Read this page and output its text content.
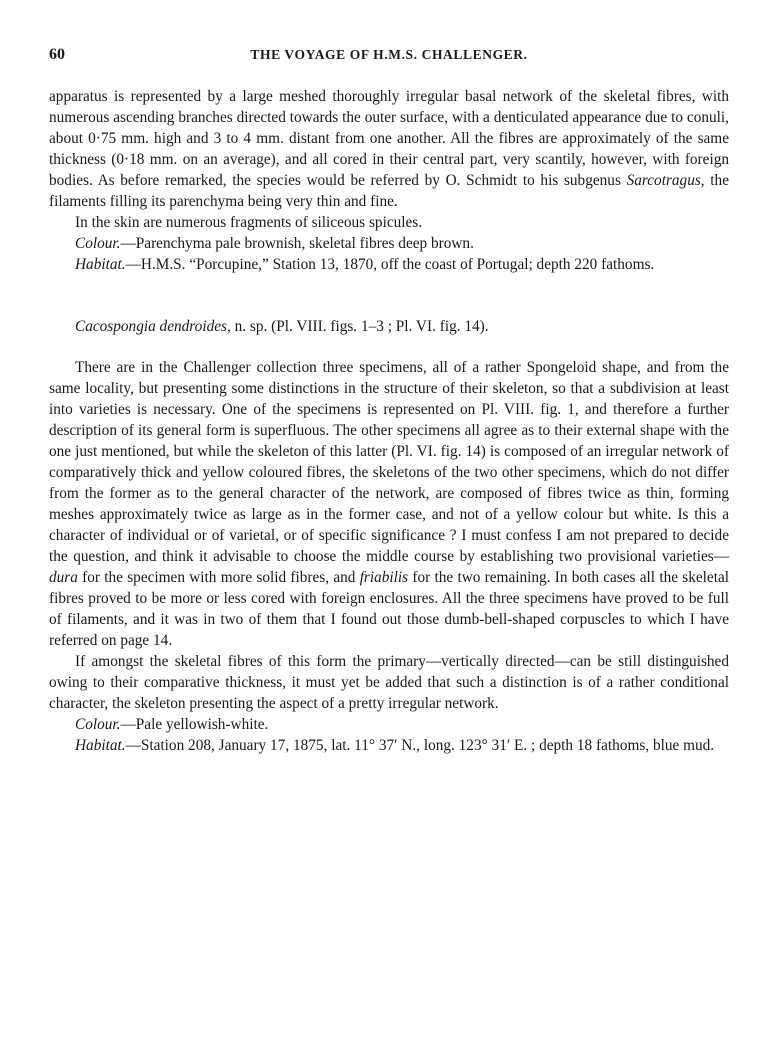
60	THE VOYAGE OF H.M.S. CHALLENGER.

apparatus is represented by a large meshed thoroughly irregular basal network of the skeletal fibres, with numerous ascending branches directed towards the outer surface, with a denticulated appearance due to conuli, about 0·75 mm. high and 3 to 4 mm. distant from one another. All the fibres are approximately of the same thickness (0·18 mm. on an average), and all cored in their central part, very scantily, however, with foreign bodies. As before remarked, the species would be referred by O. Schmidt to his subgenus Sarcotragus, the filaments filling its parenchyma being very thin and fine.

In the skin are numerous fragments of siliceous spicules.

Colour.—Parenchyma pale brownish, skeletal fibres deep brown.

Habitat.—H.M.S. “Porcupine,” Station 13, 1870, off the coast of Portugal; depth 220 fathoms.

Cacospongia dendroides, n. sp. (Pl. VIII. figs. 1–3 ; Pl. VI. fig. 14).

There are in the Challenger collection three specimens, all of a rather Spongeloid shape, and from the same locality, but presenting some distinctions in the structure of their skeleton, so that a subdivision at least into varieties is necessary. One of the specimens is represented on Pl. VIII. fig. 1, and therefore a further description of its general form is superfluous. The other specimens all agree as to their external shape with the one just mentioned, but while the skeleton of this latter (Pl. VI. fig. 14) is composed of an irregular network of comparatively thick and yellow coloured fibres, the skeletons of the two other specimens, which do not differ from the former as to the general character of the network, are composed of fibres twice as thin, forming meshes approximately twice as large as in the former case, and not of a yellow colour but white. Is this a character of individual or of varietal, or of specific significance ? I must confess I am not prepared to decide the question, and think it advisable to choose the middle course by establishing two provisional varieties—dura for the specimen with more solid fibres, and friabilis for the two remaining. In both cases all the skeletal fibres proved to be more or less cored with foreign enclosures. All the three specimens have proved to be full of filaments, and it was in two of them that I found out those dumb-bell-shaped corpuscles to which I have referred on page 14.

If amongst the skeletal fibres of this form the primary—vertically directed—can be still distinguished owing to their comparative thickness, it must yet be added that such a distinction is of a rather conditional character, the skeleton presenting the aspect of a pretty irregular network.

Colour.—Pale yellowish-white.

Habitat.—Station 208, January 17, 1875, lat. 11° 37′ N., long. 123° 31′ E. ; depth 18 fathoms, blue mud.
